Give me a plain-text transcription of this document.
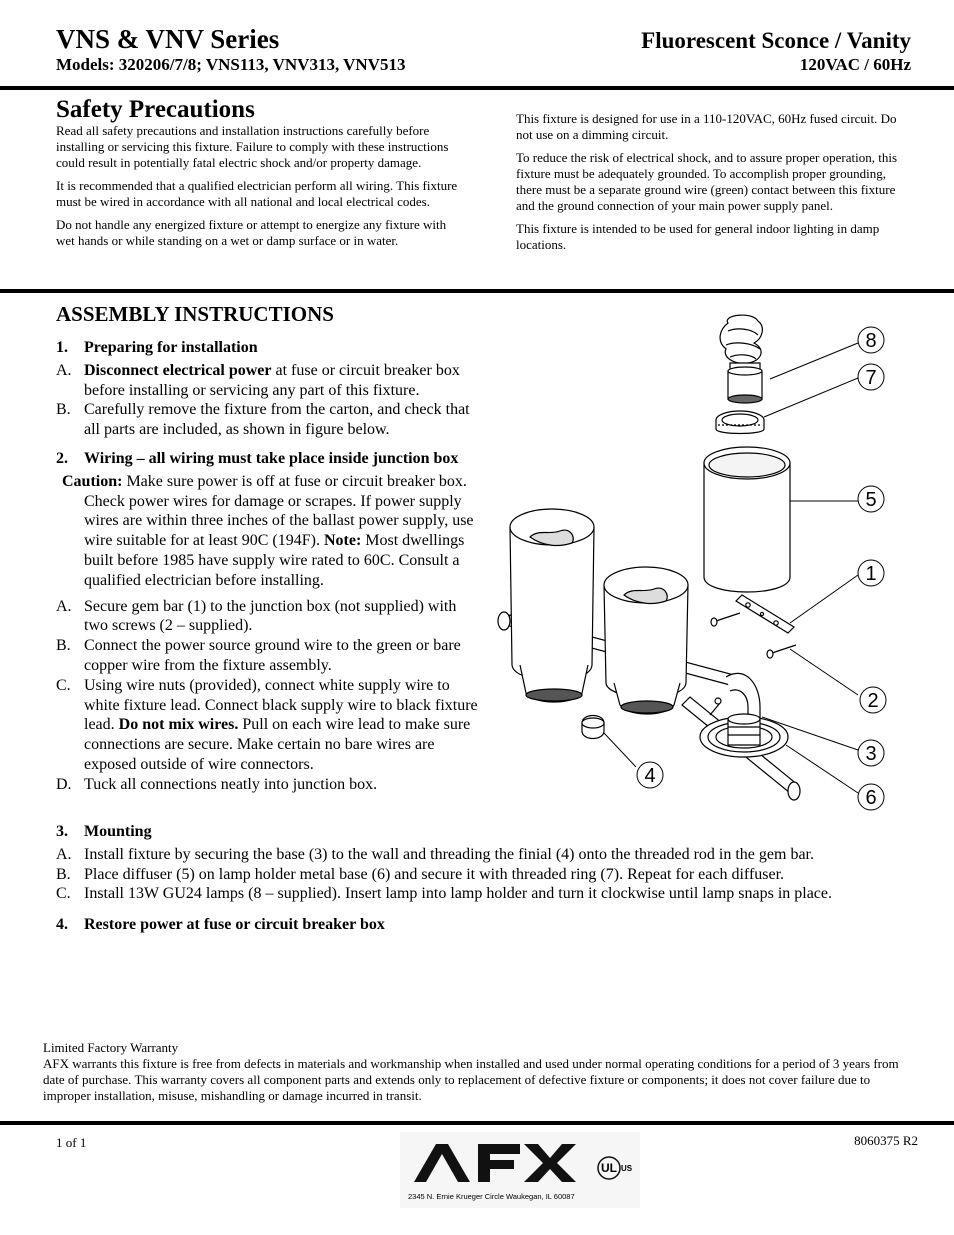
VNS & VNV Series
Models: 320206/7/8; VNS113, VNV313, VNV513
Fluorescent Sconce / Vanity
120VAC / 60Hz
Safety Precautions

Read all safety precautions and installation instructions carefully before installing or servicing this fixture. Failure to comply with these instructions could result in potentially fatal electric shock and/or property damage.

It is recommended that a qualified electrician perform all wiring. This fixture must be wired in accordance with all national and local electrical codes.

Do not handle any energized fixture or attempt to energize any fixture with wet hands or while standing on a wet or damp surface or in water.

This fixture is designed for use in a 110-120VAC, 60Hz fused circuit. Do not use on a dimming circuit.

To reduce the risk of electrical shock, and to assure proper operation, this fixture must be adequately grounded. To accomplish proper grounding, there must be a separate ground wire (green) contact between this fixture and the ground connection of your main power supply panel.

This fixture is intended to be used for general indoor lighting in damp locations.

ASSEMBLY INSTRUCTIONS
1. Preparing for installation
A. Disconnect electrical power at fuse or circuit breaker box before installing or servicing any part of this fixture.
B. Carefully remove the fixture from the carton, and check that all parts are included, as shown in figure below.
2. Wiring – all wiring must take place inside junction box
Caution: Make sure power is off at fuse or circuit breaker box. Check power wires for damage or scrapes. If power supply wires are within three inches of the ballast power supply, use wire suitable for at least 90C (194F). Note: Most dwellings built before 1985 have supply wire rated to 60C. Consult a qualified electrician before installing.
A. Secure gem bar (1) to the junction box (not supplied) with two screws (2 – supplied).
B. Connect the power source ground wire to the green or bare copper wire from the fixture assembly.
C. Using wire nuts (provided), connect white supply wire to white fixture lead. Connect black supply wire to black fixture lead. Do not mix wires. Pull on each wire lead to make sure connections are secure. Make certain no bare wires are exposed outside of wire connectors.
D. Tuck all connections neatly into junction box.
3. Mounting
A. Install fixture by securing the base (3) to the wall and threading the finial (4) onto the threaded rod in the gem bar.
B. Place diffuser (5) on lamp holder metal base (6) and secure it with threaded ring (7). Repeat for each diffuser.
C. Install 13W GU24 lamps (8 – supplied). Insert lamp into lamp holder and turn it clockwise until lamp snaps in place.
4. Restore power at fuse or circuit breaker box
8
7
5
1
2
3
6
4
Limited Factory Warranty
AFX warrants this fixture is free from defects in materials and workmanship when installed and used under normal operating conditions for a period of 3 years from date of purchase. This warranty covers all component parts and extends only to replacement of defective fixture or components; it does not cover failure due to improper installation, misuse, mishandling or damage incurred in transit.
1 of 1	8060375 R2
UL US
2345 N. Ernie Krueger Circle Waukegan, IL 60087
